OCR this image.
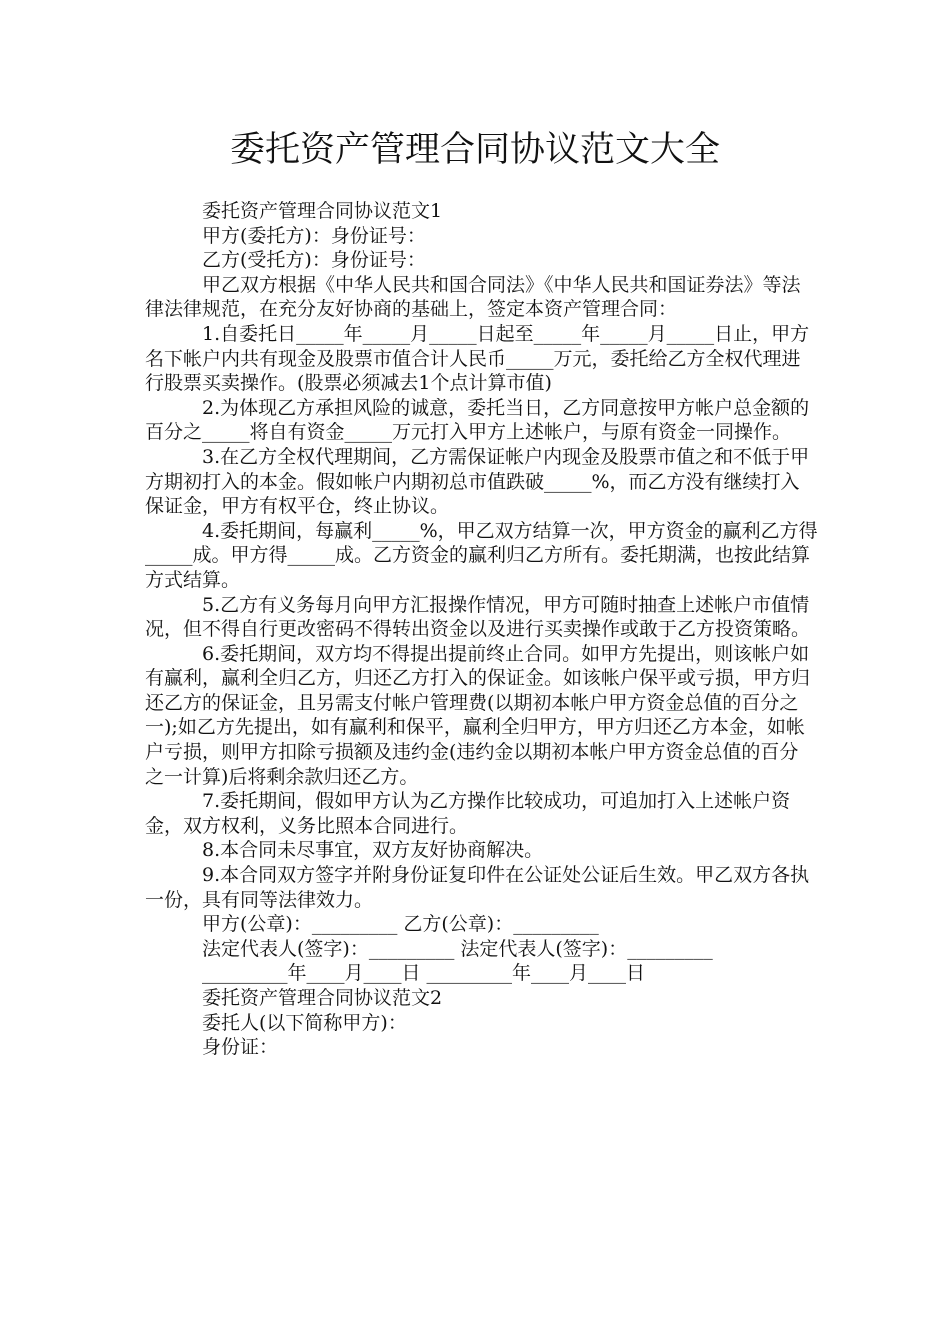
委托资产管理合同协议范文大全

委托资产管理合同协议范文1

甲方(委托方)：身份证号：

乙方(受托方)：身份证号：

甲乙双方根据《中华人民共和国合同法》《中华人民共和国证券法》等法律法律规范，在充分友好协商的基础上，签定本资产管理合同：

1.自委托日_____年_____月_____日起至_____年_____月_____日止，甲方名下帐户内共有现金及股票市值合计人民币_____万元，委托给乙方全权代理进行股票买卖操作。(股票必须减去1个点计算市值)

2.为体现乙方承担风险的诚意，委托当日，乙方同意按甲方帐户总金额的百分之_____将自有资金_____万元打入甲方上述帐户，与原有资金一同操作。

3.在乙方全权代理期间，乙方需保证帐户内现金及股票市值之和不低于甲方期初打入的本金。假如帐户内期初总市值跌破_____%，而乙方没有继续打入保证金，甲方有权平仓，终止协议。

4.委托期间，每赢利_____%，甲乙双方结算一次，甲方资金的赢利乙方得_____成。甲方得_____成。乙方资金的赢利归乙方所有。委托期满，也按此结算方式结算。

5.乙方有义务每月向甲方汇报操作情况，甲方可随时抽查上述帐户市值情况，但不得自行更改密码不得转出资金以及进行买卖操作或敢于乙方投资策略。

6.委托期间，双方均不得提出提前终止合同。如甲方先提出，则该帐户如有赢利，赢利全归乙方，归还乙方打入的保证金。如该帐户保平或亏损，甲方归还乙方的保证金，且另需支付帐户管理费(以期初本帐户甲方资金总值的百分之一);如乙方先提出，如有赢利和保平，赢利全归甲方，甲方归还乙方本金，如帐户亏损，则甲方扣除亏损额及违约金(违约金以期初本帐户甲方资金总值的百分之一计算)后将剩余款归还乙方。

7.委托期间，假如甲方认为乙方操作比较成功，可追加打入上述帐户资金，双方权利，义务比照本合同进行。

8.本合同未尽事宜，双方友好协商解决。

9.本合同双方签字并附身份证复印件在公证处公证后生效。甲乙双方各执一份，具有同等法律效力。

甲方(公章)：_________ 乙方(公章)：_________

法定代表人(签字)：_________ 法定代表人(签字)：_________

_________年____月____日 _________年____月____日

委托资产管理合同协议范文2

委托人(以下简称甲方)：

身份证：
